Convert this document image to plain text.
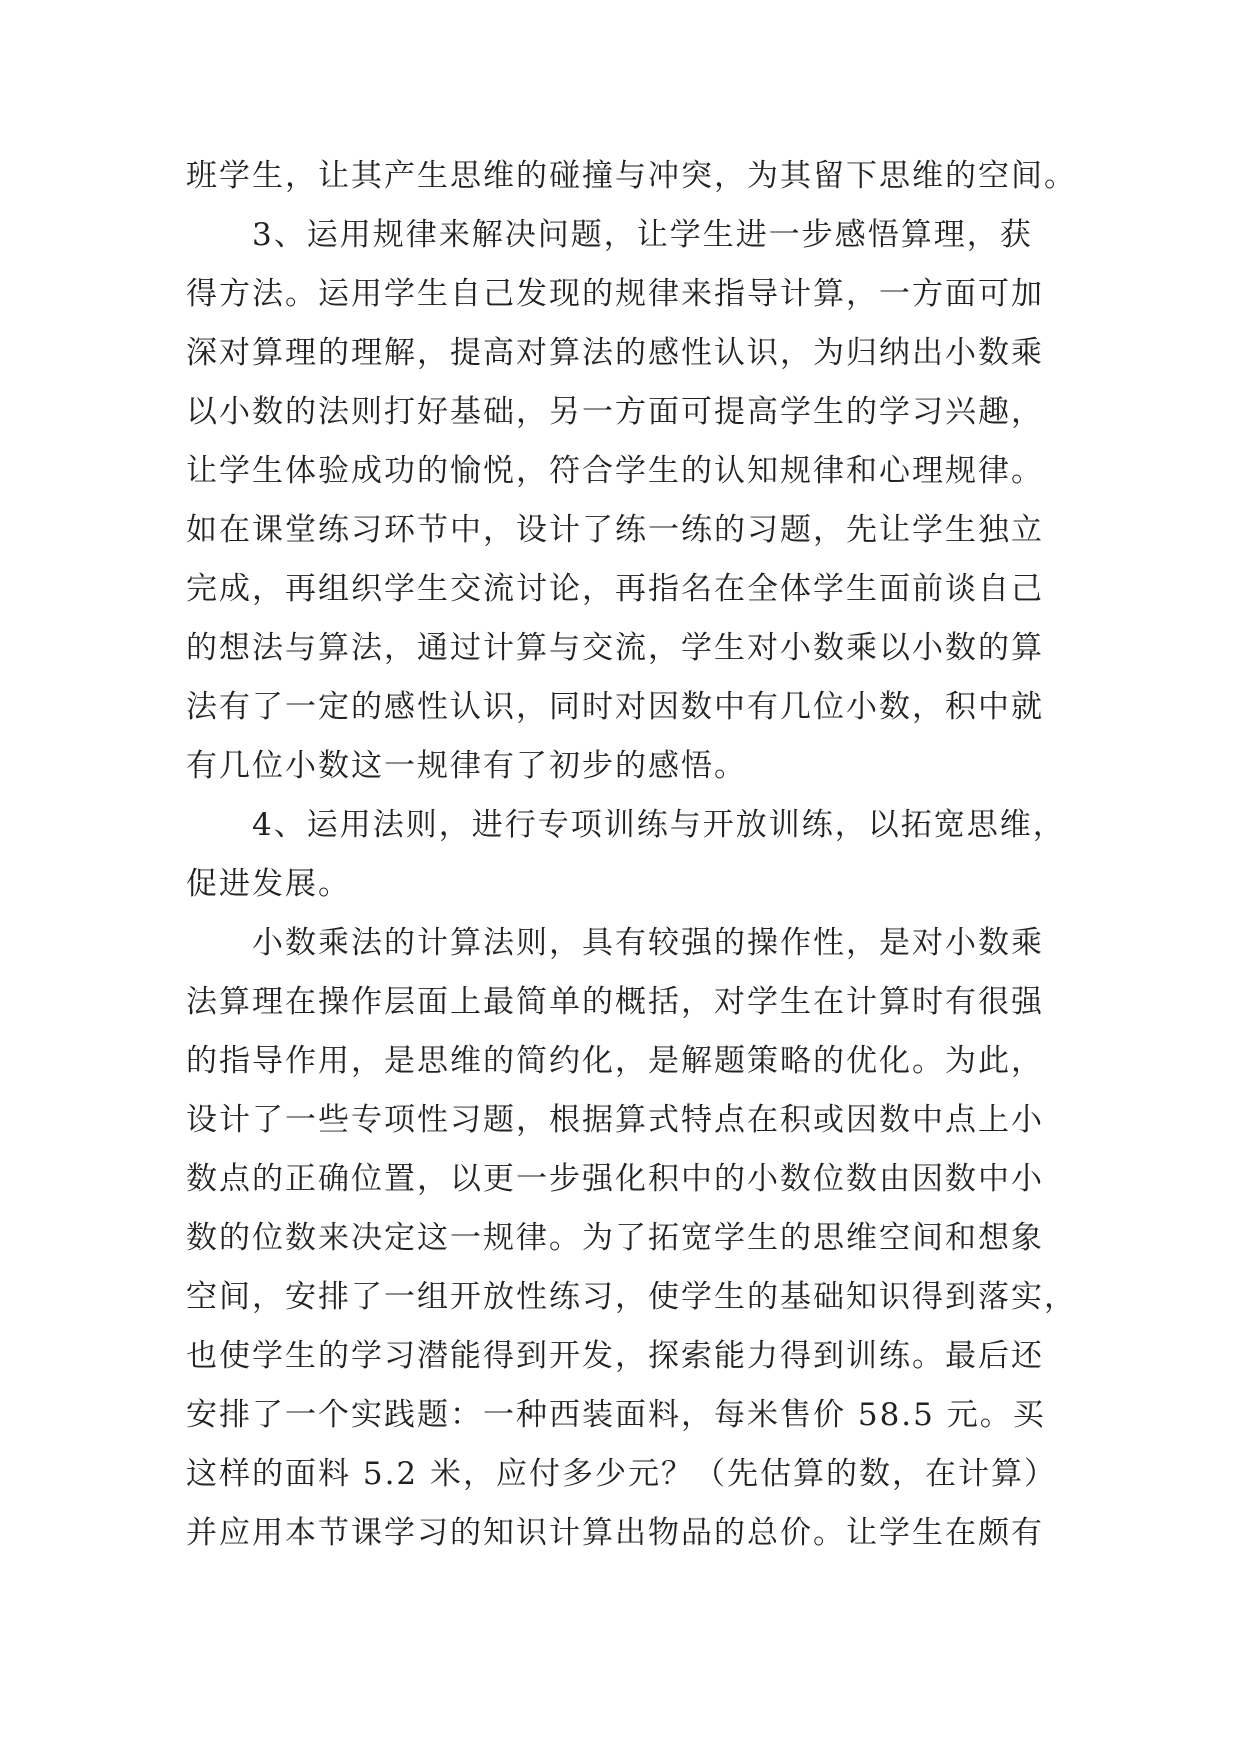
班学生，让其产生思维的碰撞与冲突，为其留下思维的空间。
3、运用规律来解决问题，让学生进一步感悟算理，获
得方法。运用学生自己发现的规律来指导计算，一方面可加
深对算理的理解，提高对算法的感性认识，为归纳出小数乘
以小数的法则打好基础，另一方面可提高学生的学习兴趣，
让学生体验成功的愉悦，符合学生的认知规律和心理规律。
如在课堂练习环节中，设计了练一练的习题，先让学生独立
完成，再组织学生交流讨论，再指名在全体学生面前谈自己
的想法与算法，通过计算与交流，学生对小数乘以小数的算
法有了一定的感性认识，同时对因数中有几位小数，积中就
有几位小数这一规律有了初步的感悟。
4、运用法则，进行专项训练与开放训练，以拓宽思维，
促进发展。
小数乘法的计算法则，具有较强的操作性，是对小数乘
法算理在操作层面上最简单的概括，对学生在计算时有很强
的指导作用，是思维的简约化，是解题策略的优化。为此，
设计了一些专项性习题，根据算式特点在积或因数中点上小
数点的正确位置，以更一步强化积中的小数位数由因数中小
数的位数来决定这一规律。为了拓宽学生的思维空间和想象
空间，安排了一组开放性练习，使学生的基础知识得到落实，
也使学生的学习潜能得到开发，探索能力得到训练。最后还
安排了一个实践题：一种西装面料，每米售价 58.5 元。买
这样的面料 5.2 米，应付多少元？（先估算的数，在计算）
并应用本节课学习的知识计算出物品的总价。让学生在颇有
